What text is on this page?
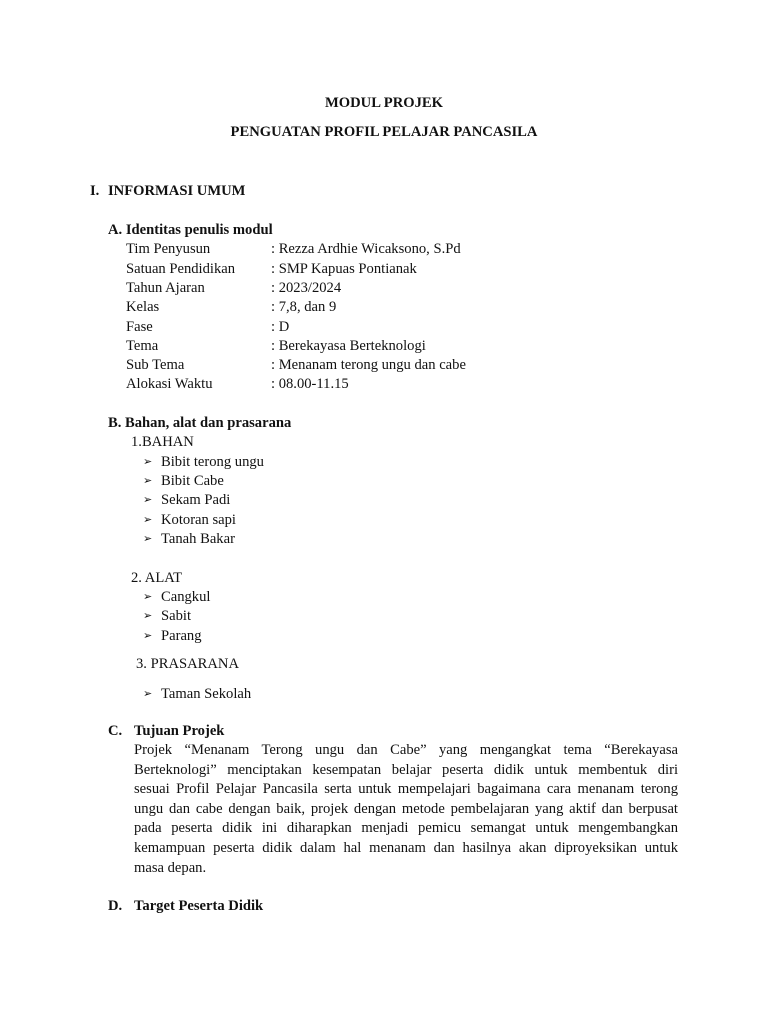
MODUL PROJEK
PENGUATAN PROFIL PELAJAR PANCASILA
I. INFORMASI UMUM
A. Identitas penulis modul
Tim Penyusun	: Rezza Ardhie Wicaksono, S.Pd
Satuan Pendidikan : SMP Kapuas Pontianak
Tahun Ajaran	: 2023/2024
Kelas	: 7,8, dan 9
Fase	: D
Tema	: Berekayasa Berteknologi
Sub Tema	: Menanam terong ungu dan cabe
Alokasi Waktu	: 08.00-11.15
B. Bahan, alat dan prasarana
1.BAHAN
➢ Bibit terong ungu
➢ Bibit Cabe
➢ Sekam Padi
➢ Kotoran sapi
➢ Tanah Bakar
2. ALAT
➢ Cangkul
➢ Sabit
➢ Parang
3. PRASARANA
➢ Taman Sekolah
C. Tujuan Projek
Projek “Menanam Terong ungu dan Cabe” yang mengangkat tema “Berekayasa
Berteknologi” menciptakan kesempatan belajar peserta didik untuk membentuk diri
sesuai Profil Pelajar Pancasila serta untuk mempelajari bagaimana cara menanam terong
ungu dan cabe dengan baik, projek dengan metode pembelajaran yang aktif dan berpusat
pada peserta didik ini diharapkan menjadi pemicu semangat untuk mengembangkan
kemampuan peserta didik dalam hal menanam dan hasilnya akan diproyeksikan untuk
masa depan.
D. Target Peserta Didik
